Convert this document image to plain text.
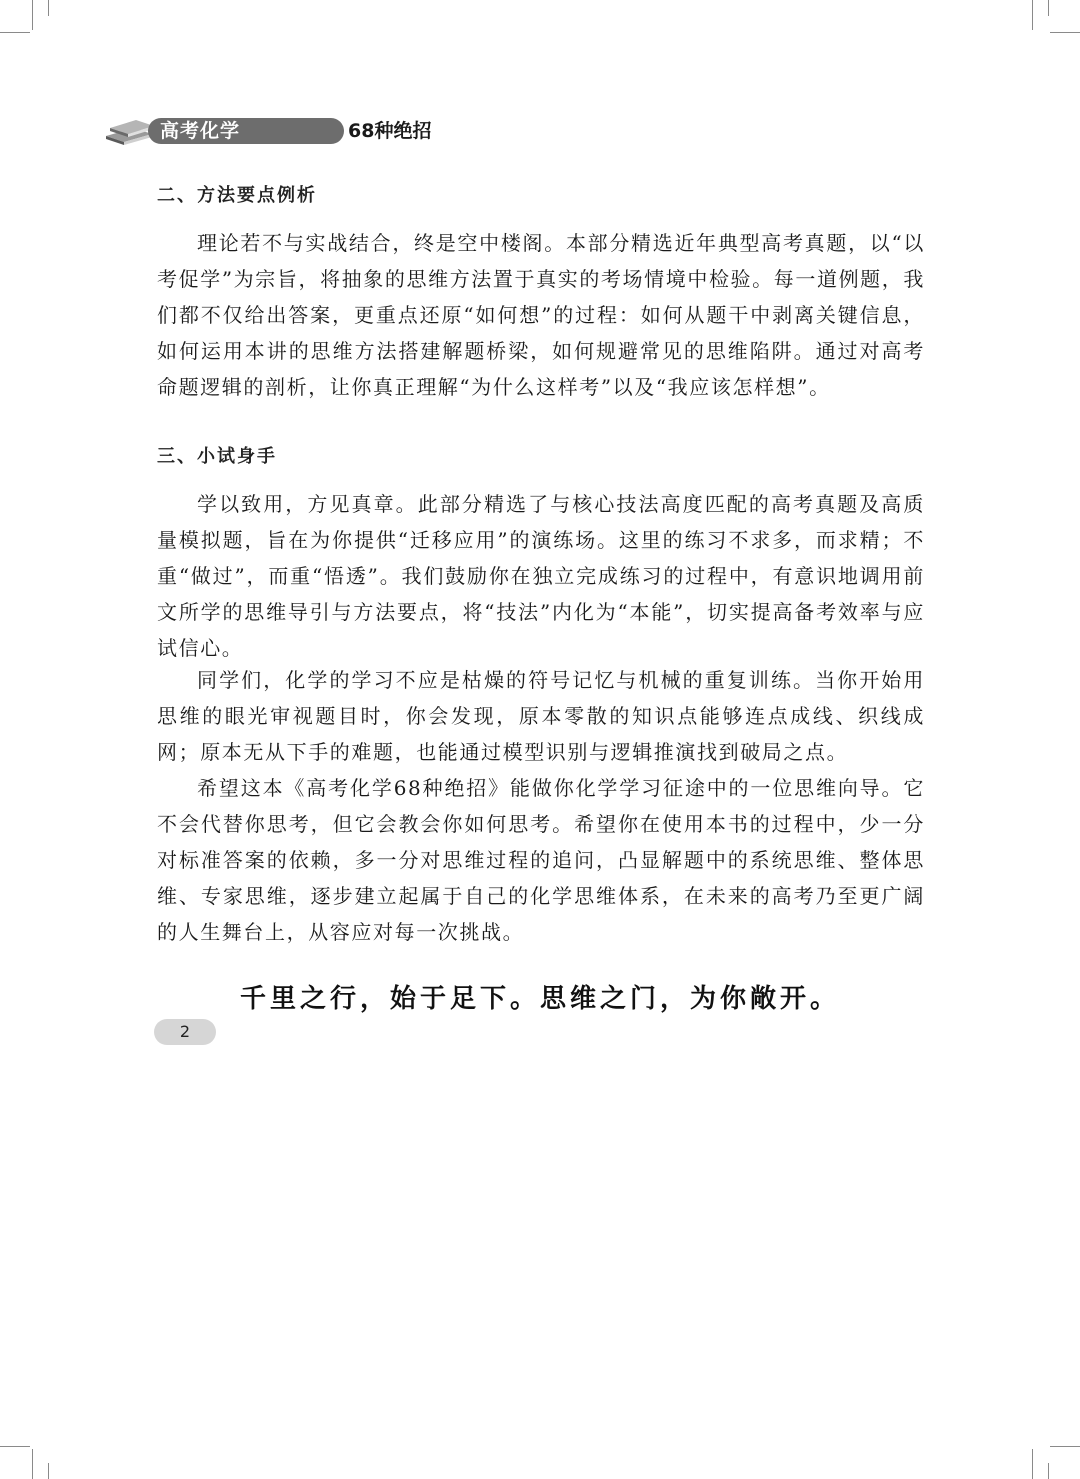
高考化学	68种绝招
二、方法要点例析

理论若不与实战结合，终是空中楼阁。本部分精选近年典型高考真题，以“以考促学”为宗旨，将抽象的思维方法置于真实的考场情境中检验。每一道例题，我们都不仅给出答案，更重点还原“如何想”的过程：如何从题干中剥离关键信息，如何运用本讲的思维方法搭建解题桥梁，如何规避常见的思维陷阱。通过对高考命题逻辑的剖析，让你真正理解“为什么这样考”以及“我应该怎样想”。

三、小试身手

学以致用，方见真章。此部分精选了与核心技法高度匹配的高考真题及高质量模拟题，旨在为你提供“迁移应用”的演练场。这里的练习不求多，而求精；不重“做过”，而重“悟透”。我们鼓励你在独立完成练习的过程中，有意识地调用前文所学的思维导引与方法要点，将“技法”内化为“本能”，切实提高备考效率与应试信心。

同学们，化学的学习不应是枯燥的符号记忆与机械的重复训练。当你开始用思维的眼光审视题目时，你会发现，原本零散的知识点能够连点成线、织线成网；原本无从下手的难题，也能通过模型识别与逻辑推演找到破局之点。

希望这本《高考化学68种绝招》能做你化学学习征途中的一位思维向导。它不会代替你思考，但它会教会你如何思考。希望你在使用本书的过程中，少一分对标准答案的依赖，多一分对思维过程的追问，凸显解题中的系统思维、整体思维、专家思维，逐步建立起属于自己的化学思维体系，在未来的高考乃至更广阔的人生舞台上，从容应对每一次挑战。

千里之行，始于足下。思维之门，为你敞开。
2
